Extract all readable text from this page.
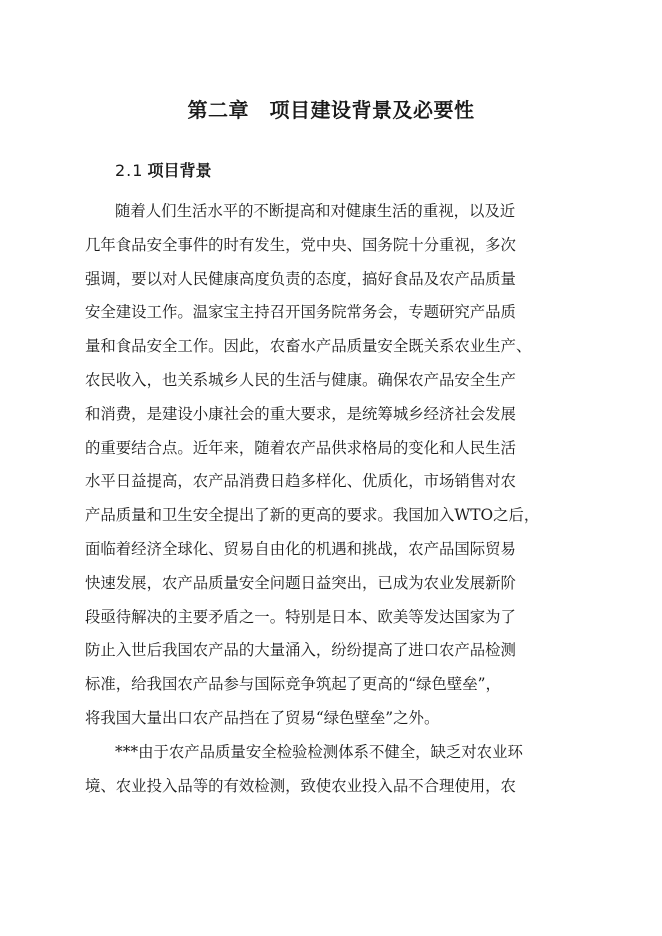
第二章　项目建设背景及必要性
2.1 项目背景
随着人们生活水平的不断提高和对健康生活的重视，以及近
几年食品安全事件的时有发生，党中央、国务院十分重视，多次
强调，要以对人民健康高度负责的态度，搞好食品及农产品质量
安全建设工作。温家宝主持召开国务院常务会，专题研究产品质
量和食品安全工作。因此，农畜水产品质量安全既关系农业生产、
农民收入，也关系城乡人民的生活与健康。确保农产品安全生产
和消费，是建设小康社会的重大要求，是统筹城乡经济社会发展
的重要结合点。近年来，随着农产品供求格局的变化和人民生活
水平日益提高，农产品消费日趋多样化、优质化，市场销售对农
产品质量和卫生安全提出了新的更高的要求。我国加入WTO之后，
面临着经济全球化、贸易自由化的机遇和挑战，农产品国际贸易
快速发展，农产品质量安全问题日益突出，已成为农业发展新阶
段亟待解决的主要矛盾之一。特别是日本、欧美等发达国家为了
防止入世后我国农产品的大量涌入，纷纷提高了进口农产品检测
标准，给我国农产品参与国际竞争筑起了更高的“绿色壁垒”，
将我国大量出口农产品挡在了贸易“绿色壁垒”之外。
***由于农产品质量安全检验检测体系不健全，缺乏对农业环
境、农业投入品等的有效检测，致使农业投入品不合理使用，农
